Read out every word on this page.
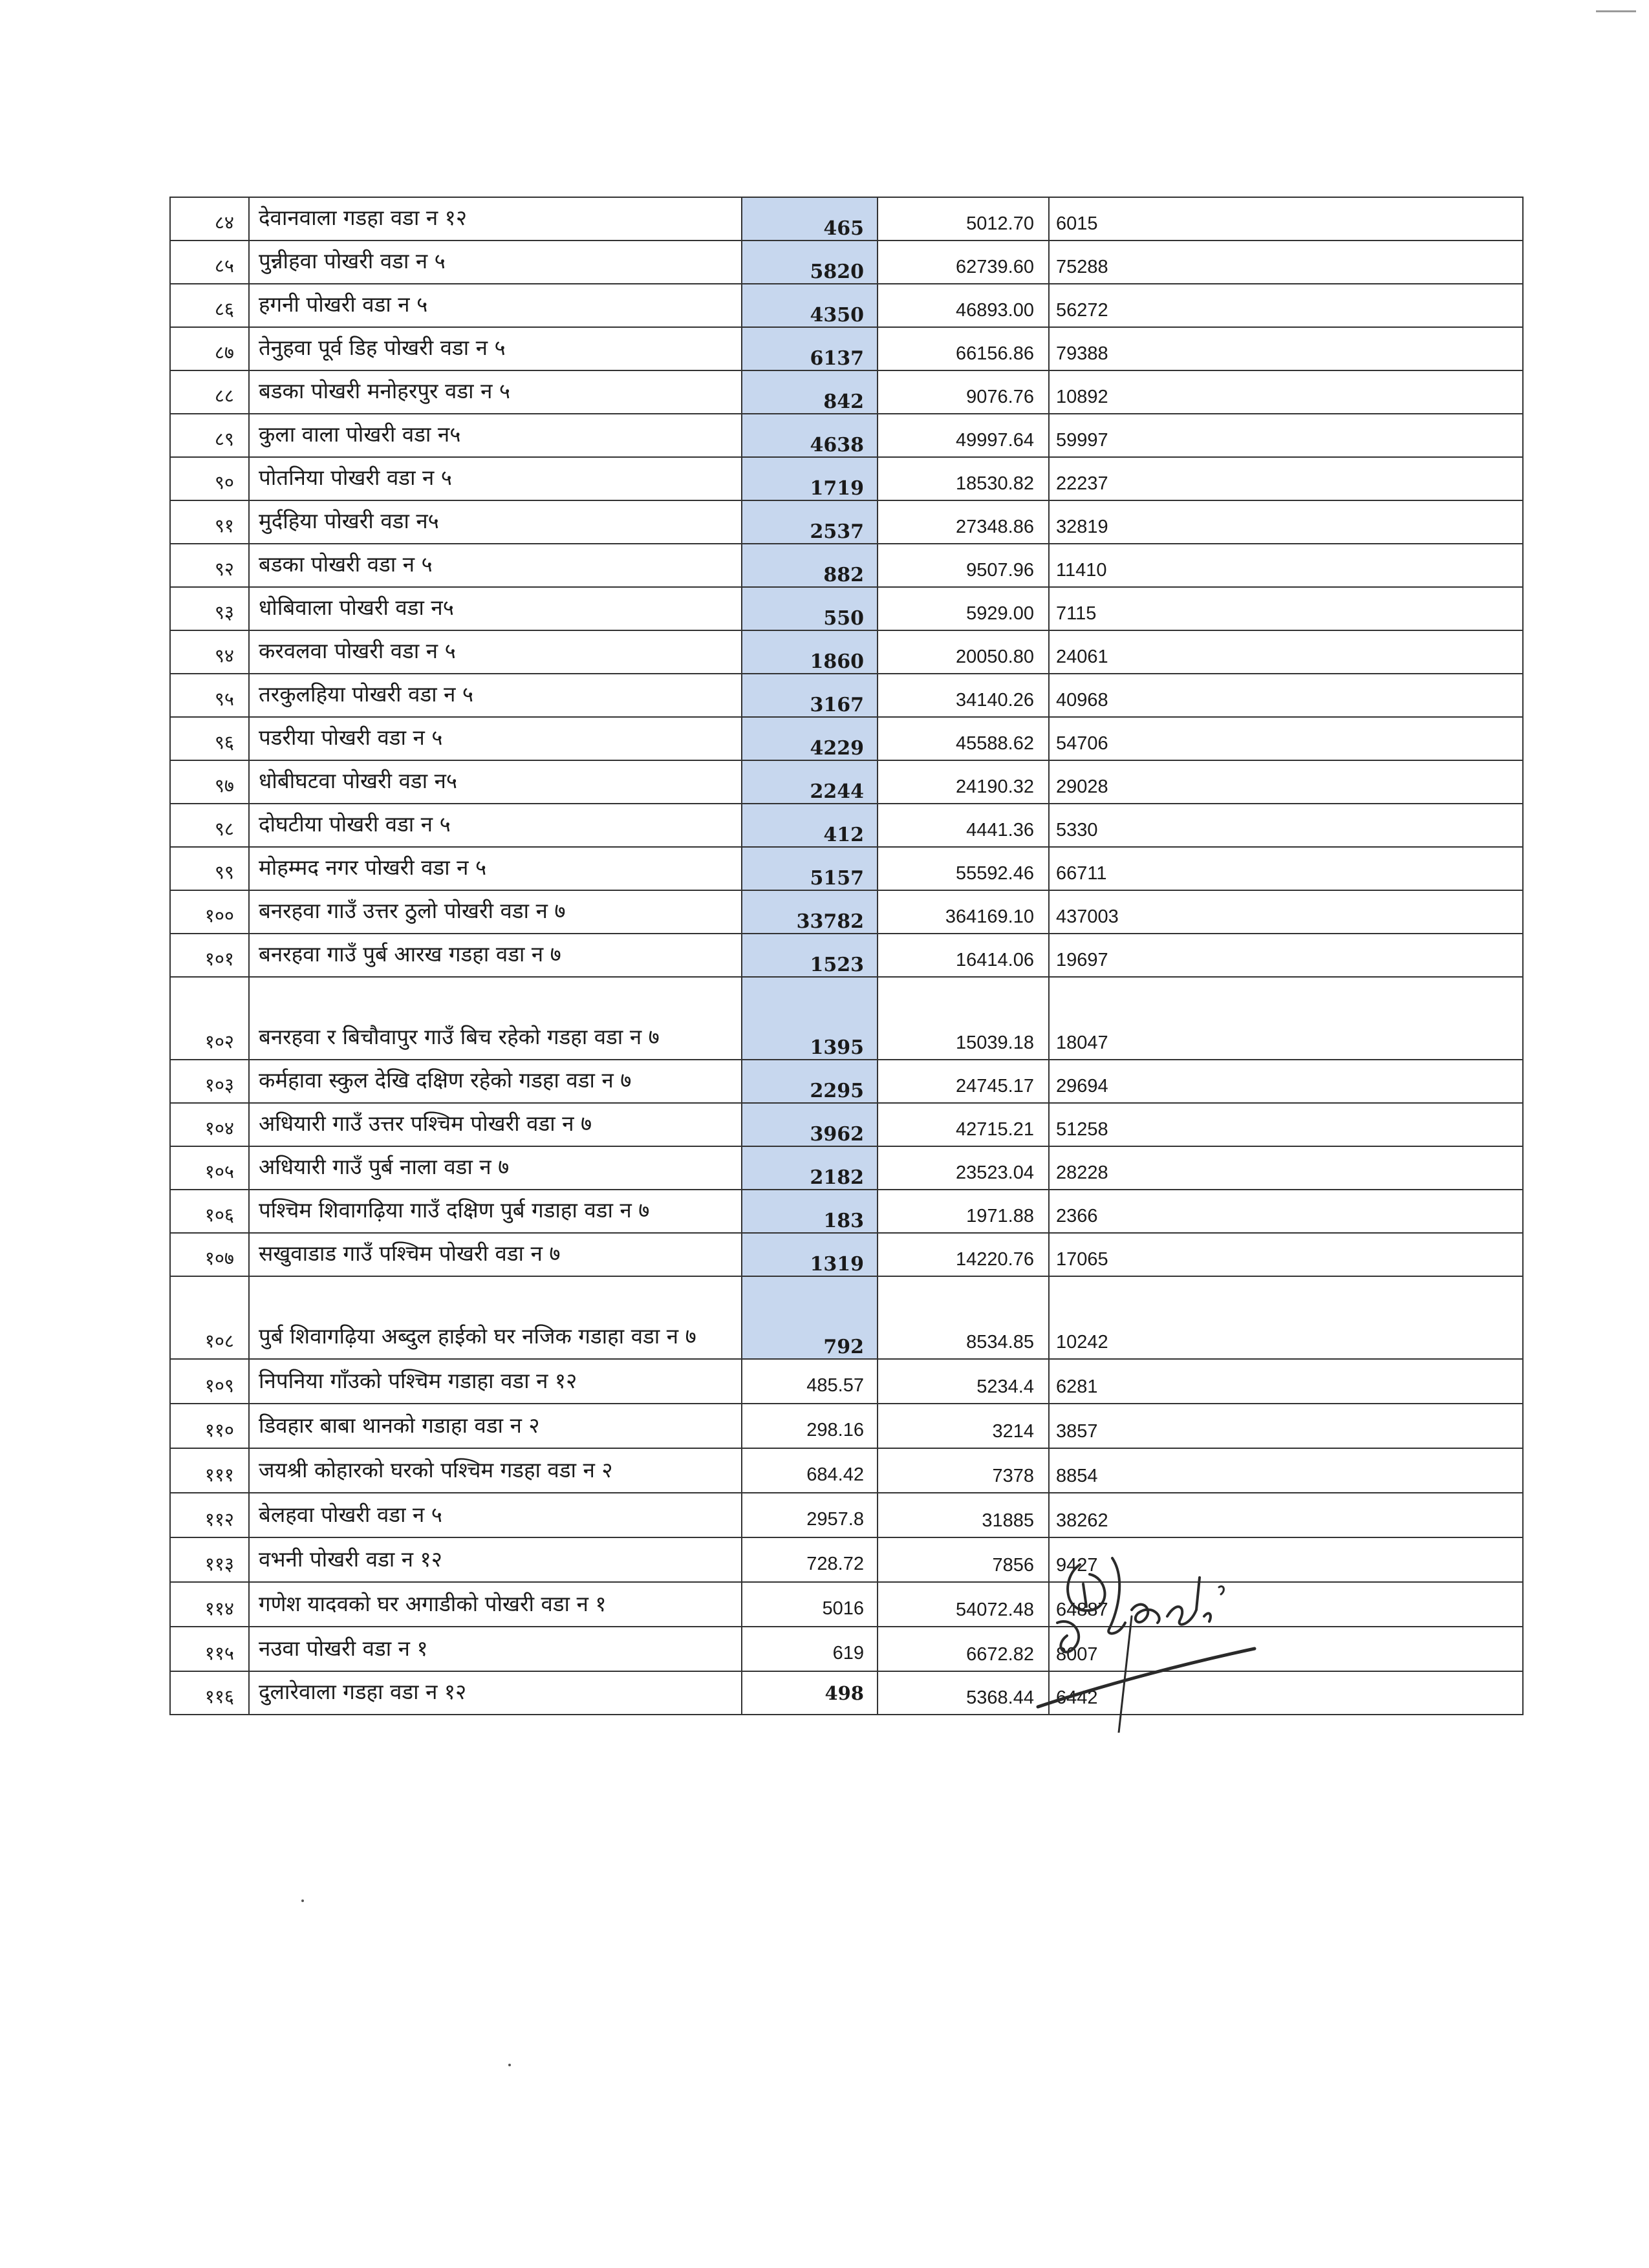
८४	देवानवाला गडहा वडा न १२	465	5012.70	6015
८५	पुन्नीहवा पोखरी वडा न ५	5820	62739.60	75288
८६	हगनी पोखरी वडा न ५	4350	46893.00	56272
८७	तेनुहवा पूर्व डिह पोखरी वडा न ५	6137	66156.86	79388
८८	बडका पोखरी मनोहरपुर वडा न ५	842	9076.76	10892
८९	कुला वाला पोखरी वडा न५	4638	49997.64	59997
९०	पोतनिया पोखरी वडा न ५	1719	18530.82	22237
९१	मुर्दहिया पोखरी वडा न५	2537	27348.86	32819
९२	बडका पोखरी वडा न ५	882	9507.96	11410
९३	धोबिवाला पोखरी वडा न५	550	5929.00	7115
९४	करवलवा पोखरी वडा न ५	1860	20050.80	24061
९५	तरकुलहिया पोखरी वडा न ५	3167	34140.26	40968
९६	पडरीया पोखरी वडा न ५	4229	45588.62	54706
९७	धोबीघटवा पोखरी वडा न५	2244	24190.32	29028
९८	दोघटीया पोखरी वडा न ५	412	4441.36	5330
९९	मोहम्मद नगर पोखरी वडा न ५	5157	55592.46	66711
१००	बनरहवा गाउँ उत्तर ठुलो पोखरी वडा न ७	33782	364169.10	437003
१०१	बनरहवा गाउँ पुर्ब आरख गडहा वडा न ७	1523	16414.06	19697
१०२	बनरहवा र बिचौवापुर गाउँ बिच रहेको गडहा वडा न ७	1395	15039.18	18047
१०३	कर्महावा स्कुल देखि दक्षिण रहेको गडहा वडा न ७	2295	24745.17	29694
१०४	अधियारी गाउँ उत्तर पश्चिम पोखरी वडा न ७	3962	42715.21	51258
१०५	अधियारी गाउँ पुर्ब नाला वडा न ७	2182	23523.04	28228
१०६	पश्चिम शिवागढ़िया गाउँ दक्षिण पुर्ब गडाहा वडा न ७	183	1971.88	2366
१०७	सखुवाडाड गाउँ पश्चिम पोखरी वडा न ७	1319	14220.76	17065
१०८	पुर्ब शिवागढ़िया अब्दुल हाईको घर नजिक गडाहा वडा न ७	792	8534.85	10242
१०९	निपनिया गाँउको पश्चिम गडाहा वडा न १२	485.57	5234.4	6281
११०	डिवहार बाबा थानको गडाहा वडा न २	298.16	3214	3857
१११	जयश्री कोहारको घरको पश्चिम गडहा वडा न २	684.42	7378	8854
११२	बेलहवा पोखरी वडा न ५	2957.8	31885	38262
११३	वभनी पोखरी वडा न १२	728.72	7856	9427
११४	गणेश यादवको घर अगाडीको पोखरी वडा न १	5016	54072.48	64887
११५	नउवा पोखरी वडा न १	619	6672.82	8007
११६	दुलारेवाला गडहा वडा न १२	498	5368.44	6442
